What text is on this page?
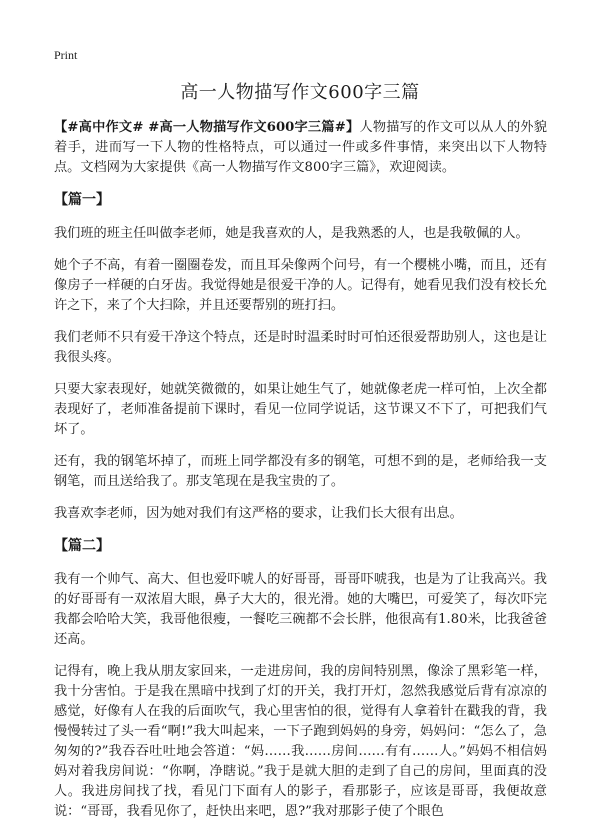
Print
高一人物描写作文600字三篇

【#高中作文# #高一人物描写作文600字三篇#】人物描写的作文可以从人的外貌着手，进而写一下人物的性格特点，可以通过一件或多件事情，来突出以下人物特点。文档网为大家提供《高一人物描写作文800字三篇》，欢迎阅读。

【篇一】

我们班的班主任叫做李老师，她是我喜欢的人，是我熟悉的人，也是我敬佩的人。

她个子不高，有着一圈圈卷发，而且耳朵像两个问号，有一个樱桃小嘴，而且，还有像房子一样硬的白牙齿。我觉得她是很爱干净的人。记得有，她看见我们没有校长允许之下，来了个大扫除，并且还要帮别的班打扫。

我们老师不只有爱干净这个特点，还是时时温柔时时可怕还很爱帮助别人，这也是让我很头疼。

只要大家表现好，她就笑微微的，如果让她生气了，她就像老虎一样可怕，上次全都表现好了，老师准备提前下课时，看见一位同学说话，这节课又不下了，可把我们气坏了。

还有，我的钢笔坏掉了，而班上同学都没有多的钢笔，可想不到的是，老师给我一支钢笔，而且送给我了。那支笔现在是我宝贵的了。

我喜欢李老师，因为她对我们有这严格的要求，让我们长大很有出息。

【篇二】

我有一个帅气、高大、但也爱吓唬人的好哥哥，哥哥吓唬我，也是为了让我高兴。我的好哥哥有一双浓眉大眼，鼻子大大的，很光滑。她的大嘴巴，可爱笑了，每次吓完我都会哈哈大笑，我哥他很瘦，一餐吃三碗都不会长胖，他很高有1.80米，比我爸爸还高。

记得有，晚上我从朋友家回来，一走进房间，我的房间特别黑，像涂了黑彩笔一样，我十分害怕。于是我在黑暗中找到了灯的开关，我打开灯，忽然我感觉后背有凉凉的感觉，好像有人在我的后面吹气，我心里害怕的很，觉得有人拿着针在戳我的背，我慢慢转过了头一看“啊!”我大叫起来，一下子跑到妈妈的身旁，妈妈问：“怎么了，急匆匆的?”我吞吞吐吐地会答道：“妈……我……房间……有有……人。”妈妈不相信妈妈对着我房间说：“你啊，净瞎说。”我于是就大胆的走到了自己的房间，里面真的没人。我进房间找了找，看见门下面有人的影子，看那影子，应该是哥哥，我便故意说：“哥哥，我看见你了，赶快出来吧，恩?”我对那影子使了个眼色
